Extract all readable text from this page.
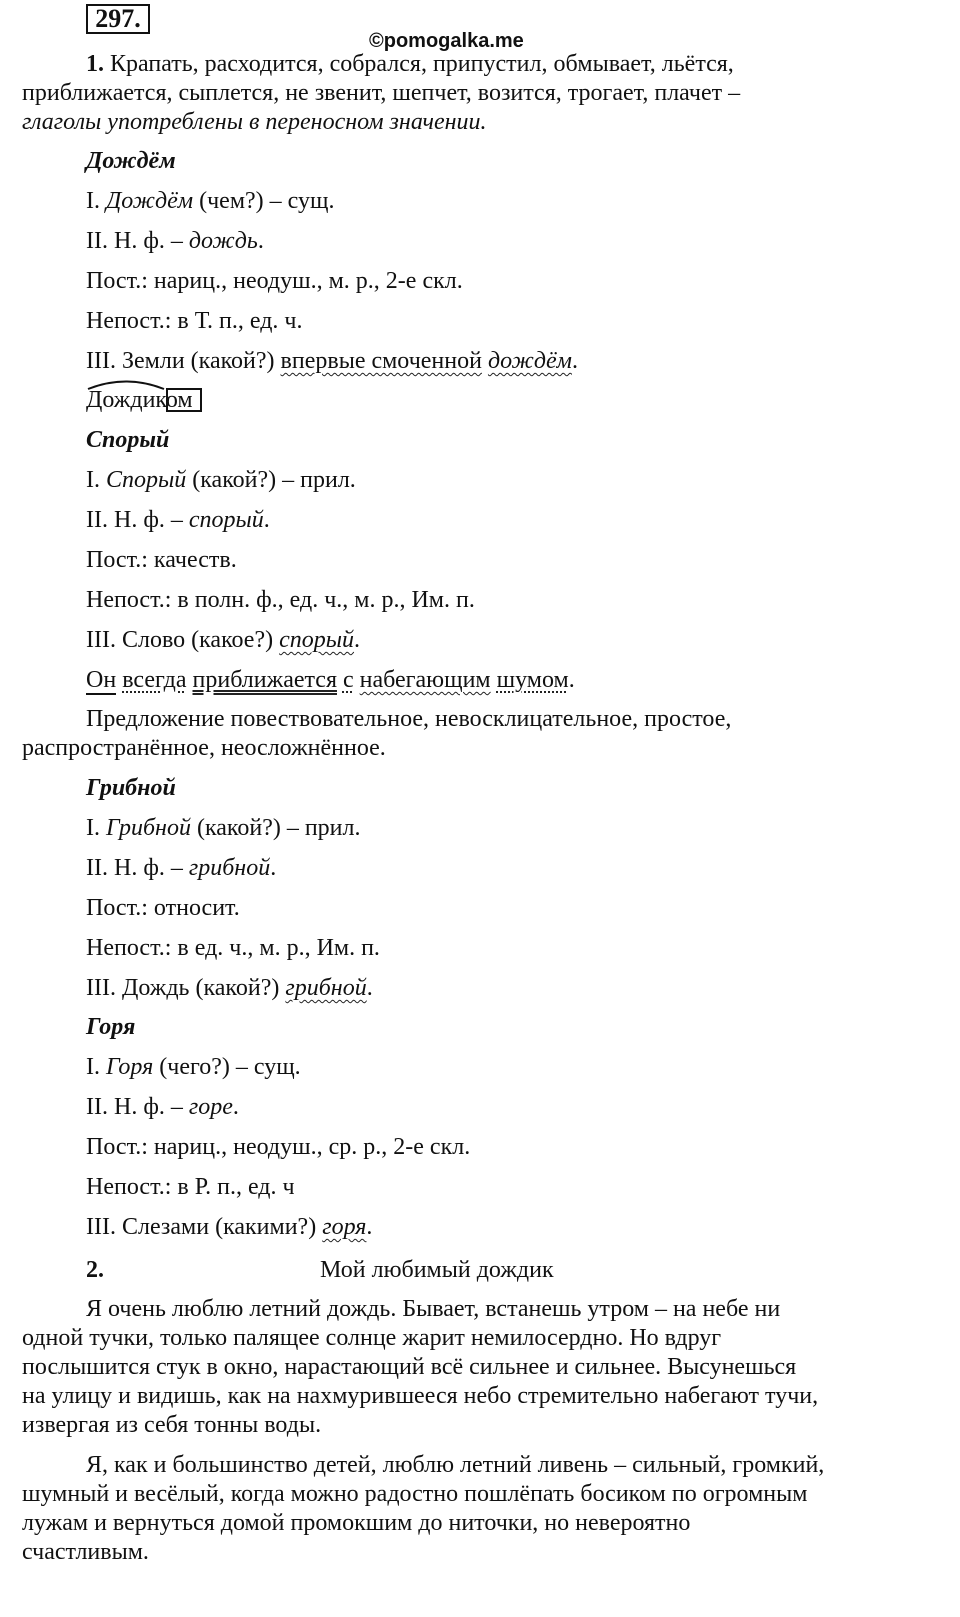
297.
©pomogalka.me
1. Крапать, расходится, собрался, припустил, обмывает, льётся,
приближается, сыплется, не звенит, шепчет, возится, трогает, плачет –
глаголы употреблены в переносном значении.
Дождём
I. Дождём (чем?) – сущ.
II. Н. ф. – дождь.
Пост.: нариц., неодуш., м. р., 2-е скл.
Непост.: в Т. п., ед. ч.
III. Земли (какой?) впервые смоченной дождём.
Дождиком
Спорый
I. Спорый (какой?) – прил.
II. Н. ф. – спорый.
Пост.: качеств.
Непост.: в полн. ф., ед. ч., м. р., Им. п.
III. Слово (какое?) спорый.
Он всегда приближается с набегающим шумом.
Предложение повествовательное, невосклицательное, простое,
распространённое, неосложнённое.
Грибной
I. Грибной (какой?) – прил.
II. Н. ф. – грибной.
Пост.: относит.
Непост.: в ед. ч., м. р., Им. п.
III. Дождь (какой?) грибной.
Горя
I. Горя (чего?) – сущ.
II. Н. ф. – горе.
Пост.: нариц., неодуш., ср. р., 2-е скл.
Непост.: в Р. п., ед. ч
III. Слезами (какими?) горя.
2.	Мой любимый дождик
Я очень люблю летний дождь. Бывает, встанешь утром – на небе ни
одной тучки, только палящее солнце жарит немилосердно. Но вдруг
послышится стук в окно, нарастающий всё сильнее и сильнее. Высунешься
на улицу и видишь, как на нахмурившееся небо стремительно набегают тучи,
извергая из себя тонны воды.
Я, как и большинство детей, люблю летний ливень – сильный, громкий,
шумный и весёлый, когда можно радостно пошлёпать босиком по огромным
лужам и вернуться домой промокшим до ниточки, но невероятно
счастливым.
